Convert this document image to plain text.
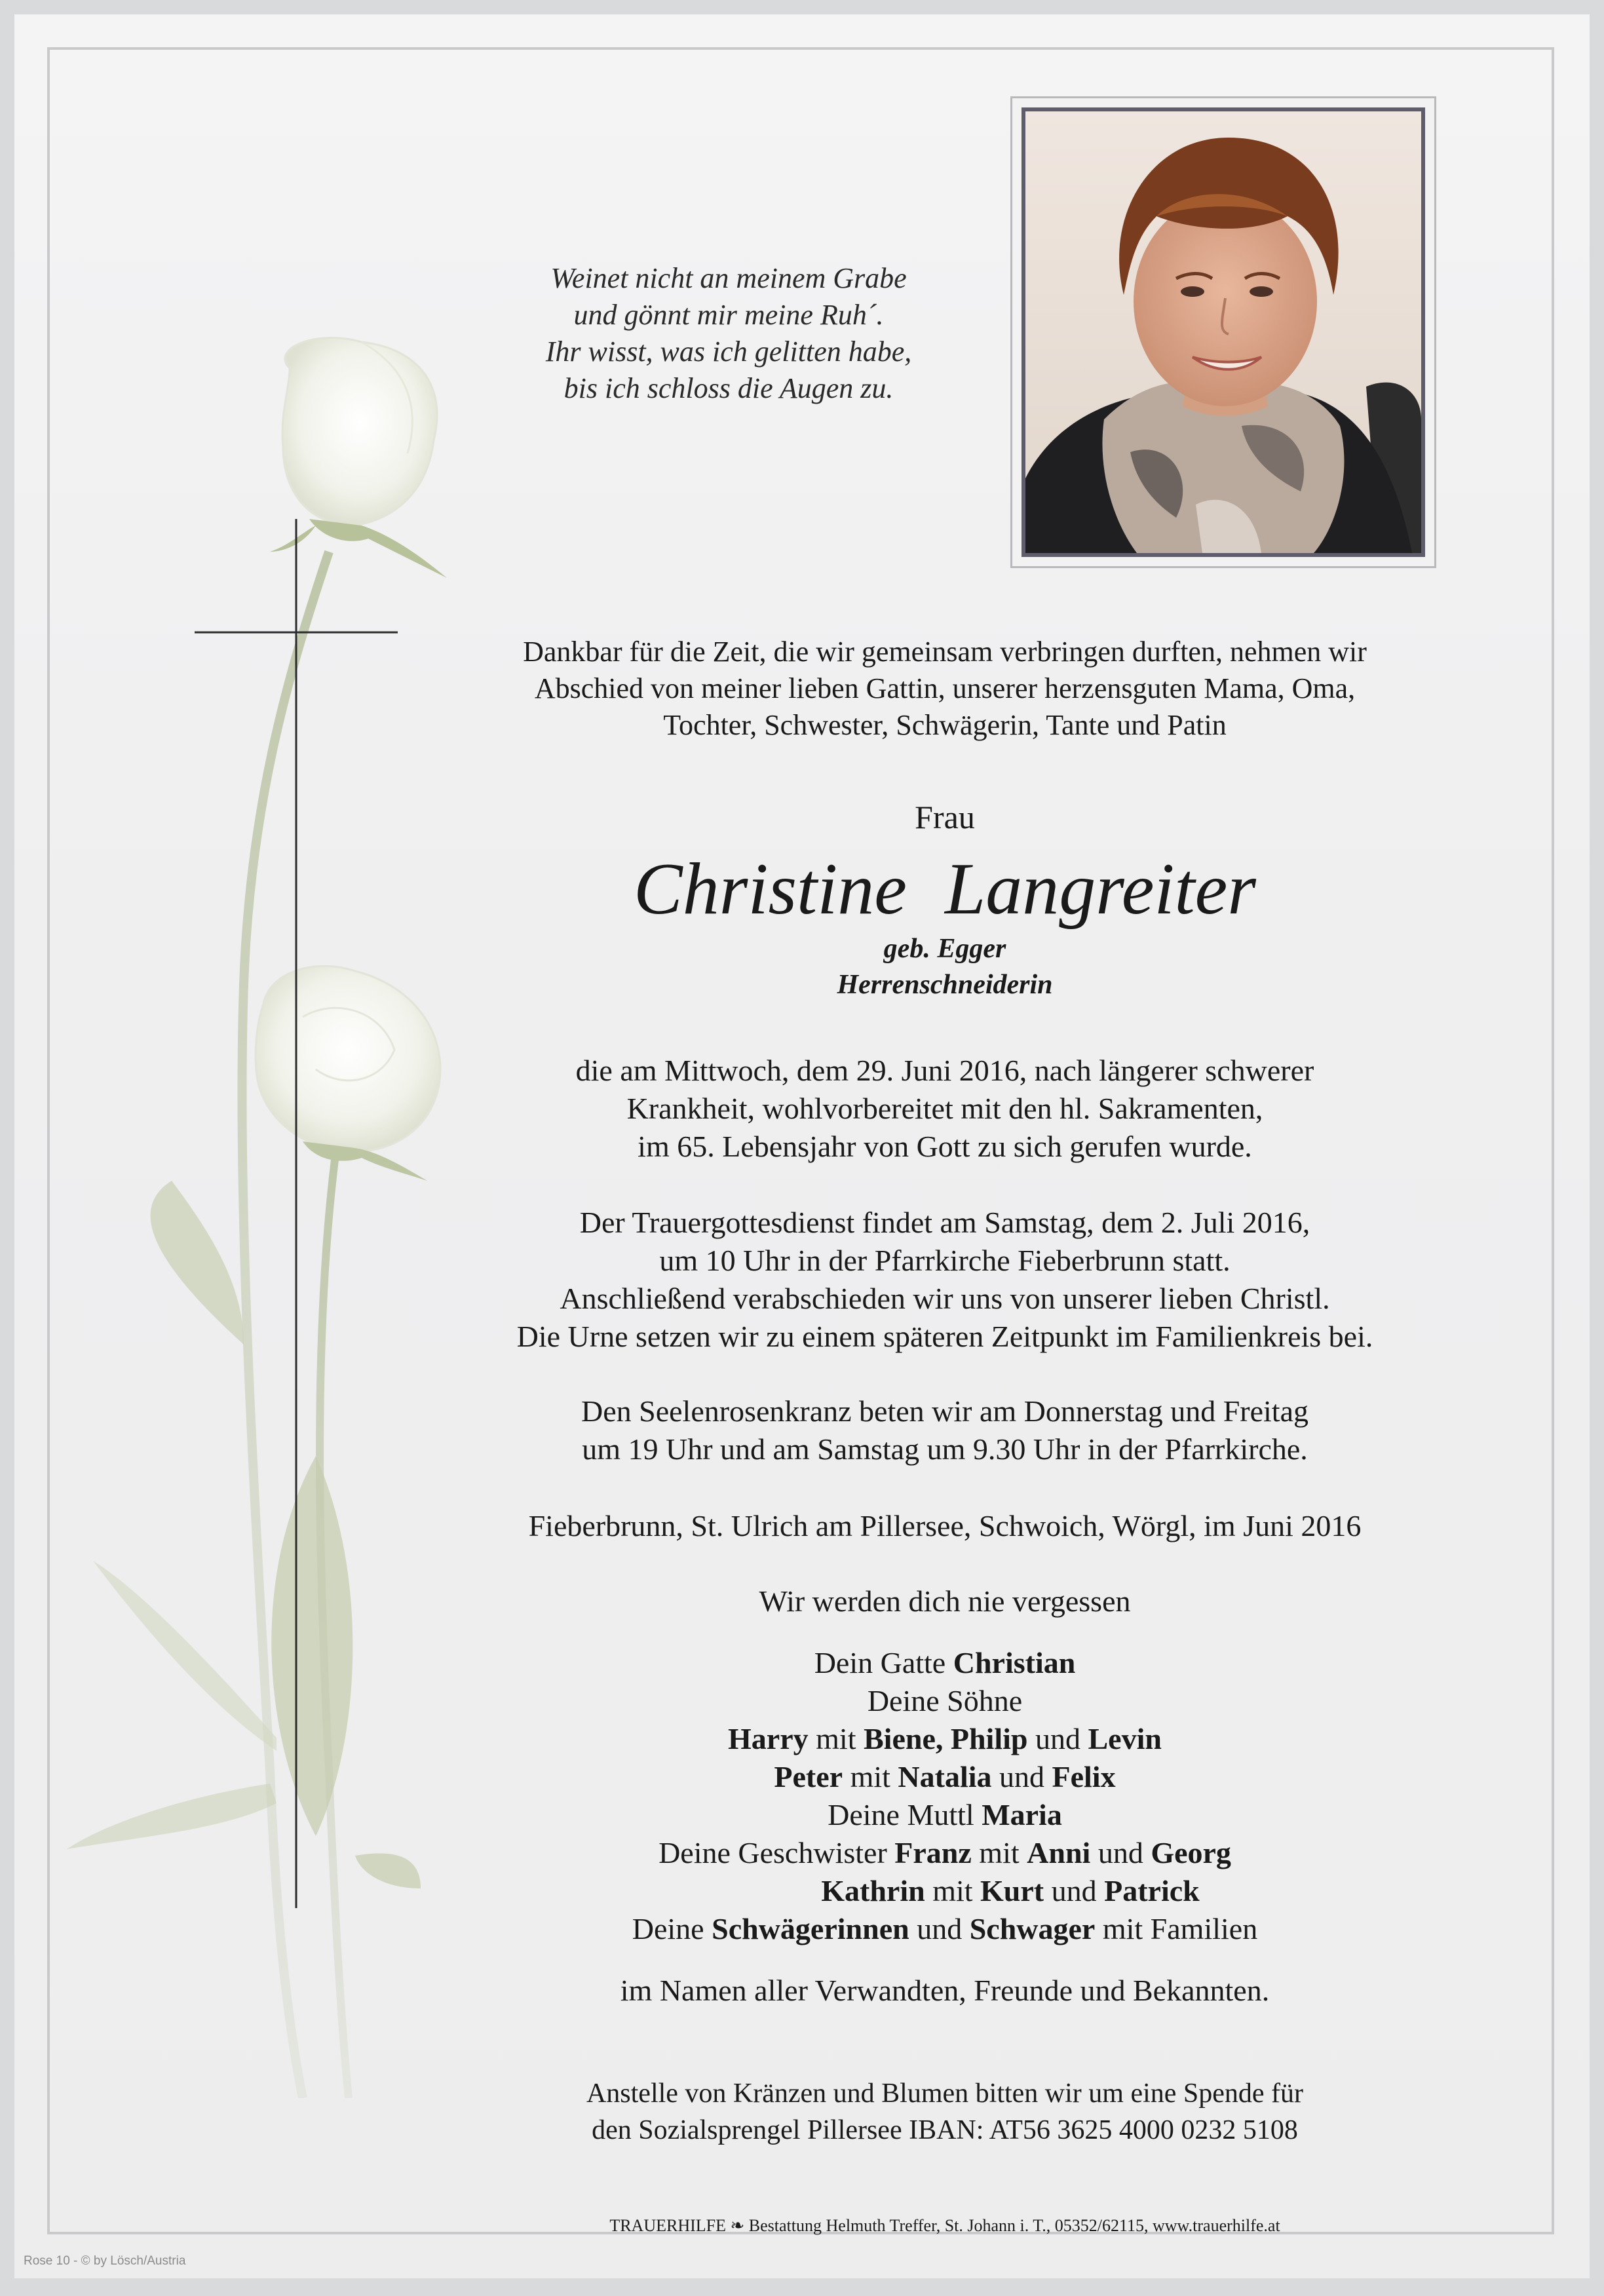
Weinet nicht an meinem Grabe
und gönnt mir meine Ruh´.
Ihr wisst, was ich gelitten habe,
bis ich schloss die Augen zu.
Dankbar für die Zeit, die wir gemeinsam verbringen durften, nehmen wir
Abschied von meiner lieben Gattin, unserer herzensguten Mama, Oma,
Tochter, Schwester, Schwägerin, Tante und Patin
Frau
Christine Langreiter
geb. Egger
Herrenschneiderin
die am Mittwoch, dem 29. Juni 2016, nach längerer schwerer
Krankheit, wohlvorbereitet mit den hl. Sakramenten,
im 65. Lebensjahr von Gott zu sich gerufen wurde.
Der Trauergottesdienst findet am Samstag, dem 2. Juli 2016,
um 10 Uhr in der Pfarrkirche Fieberbrunn statt.
Anschließend verabschieden wir uns von unserer lieben Christl.
Die Urne setzen wir zu einem späteren Zeitpunkt im Familienkreis bei.
Den Seelenrosenkranz beten wir am Donnerstag und Freitag
um 19 Uhr und am Samstag um 9.30 Uhr in der Pfarrkirche.
Fieberbrunn, St. Ulrich am Pillersee, Schwoich, Wörgl, im Juni 2016
Wir werden dich nie vergessen
Dein Gatte Christian
Deine Söhne
Harry mit Biene, Philip und Levin
Peter mit Natalia und Felix
Deine Muttl Maria
Deine Geschwister Franz mit Anni und Georg
Kathrin mit Kurt und Patrick
Deine Schwägerinnen und Schwager mit Familien
im Namen aller Verwandten, Freunde und Bekannten.
Anstelle von Kränzen und Blumen bitten wir um eine Spende für
den Sozialsprengel Pillersee IBAN: AT56 3625 4000 0232 5108
TRAUERHILFE ❧ Bestattung Helmuth Treffer, St. Johann i. T., 05352/62115, www.trauerhilfe.at
Rose 10 - © by Lösch/Austria
